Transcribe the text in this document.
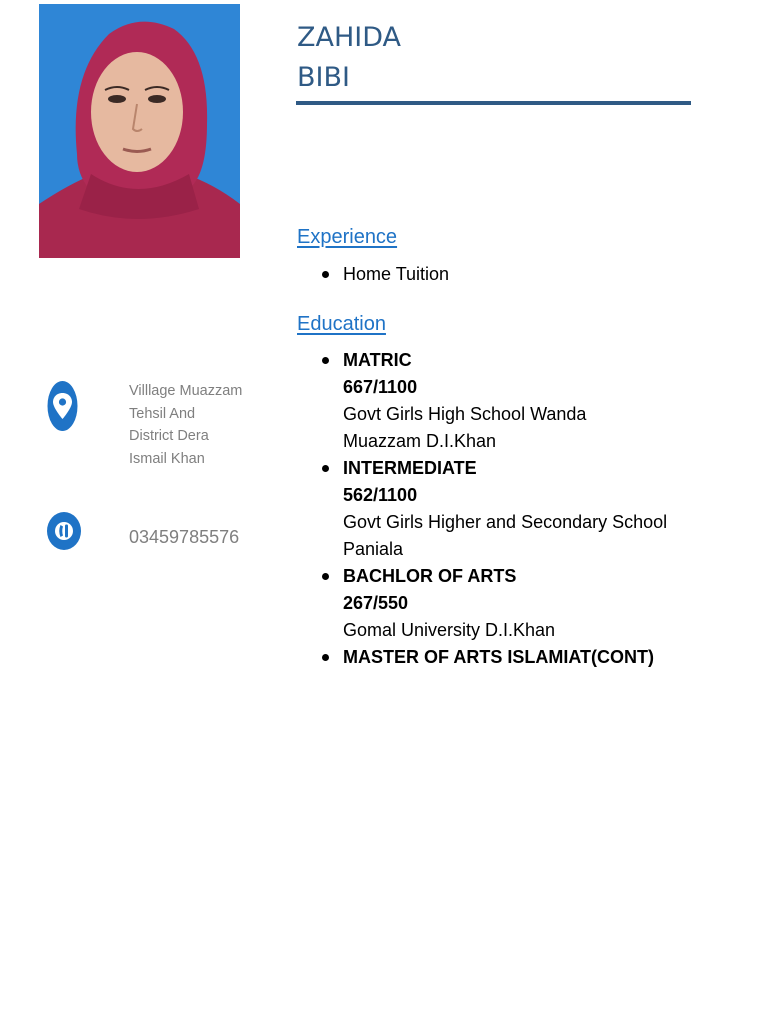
ZAHIDA
BIBI
Experience
Home Tuition
Education
MATRIC
667/1100
Govt Girls High School Wanda
Muazzam D.I.Khan
INTERMEDIATE
562/1100
Govt Girls Higher and Secondary School
Paniala
BACHLOR OF ARTS
267/550
Gomal University D.I.Khan
MASTER OF ARTS ISLAMIAT(CONT)
Villlage Muazzam
Tehsil And
District Dera
Ismail Khan
03459785576
